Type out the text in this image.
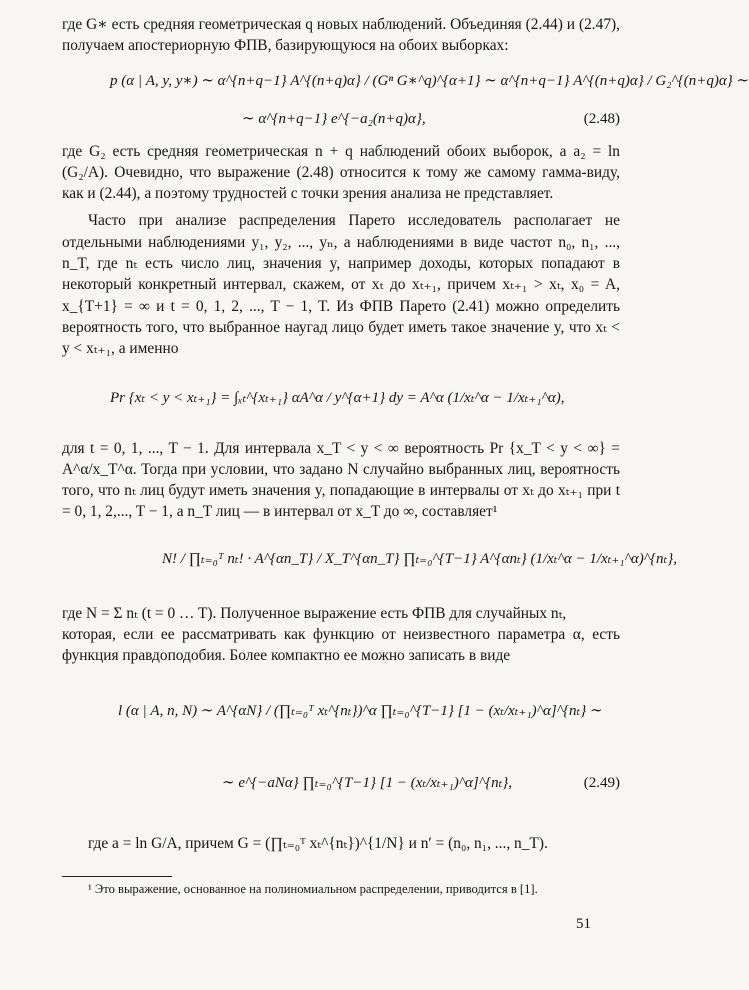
где G∗ есть средняя геометрическая q новых наблюдений. Объединяя (2.44) и (2.47), получаем апостериорную ФПВ, базирующуюся на обоих выборках:

p (α | A, y, y∗) ∼ α^{n+q−1} A^{(n+q)α} / (Gⁿ G∗^q)^{α+1} ∼ α^{n+q−1} A^{(n+q)α} / G₂^{(n+q)α} ∼
∼ α^{n+q−1} e^{−a₂(n+q)α},	(2.48)

где G₂ есть средняя геометрическая n + q наблюдений обоих выборок, а a₂ = ln (G₂/A). Очевидно, что выражение (2.48) относится к тому же самому гамма-виду, как и (2.44), а поэтому трудностей с точки зрения анализа не представляет.

Часто при анализе распределения Парето исследователь располагает не отдельными наблюдениями y₁, y₂, ..., yₙ, а наблюдениями в виде частот n₀, n₁, ..., n_T, где nₜ есть число лиц, значения y, например доходы, которых попадают в некоторый конкретный интервал, скажем, от xₜ до xₜ₊₁, причем xₜ₊₁ > xₜ, x₀ = A, x_{T+1} = ∞ и t = 0, 1, 2, ..., T − 1, T. Из ФПВ Парето (2.41) можно определить вероятность того, что выбранное наугад лицо будет иметь такое значение y, что xₜ < y < xₜ₊₁, а именно

Pr {xₜ < y < xₜ₊₁} = ∫ₓₜ^{xₜ₊₁} αA^α / y^{α+1} dy = A^α (1/xₜ^α − 1/xₜ₊₁^α),

для t = 0, 1, ..., T − 1. Для интервала x_T < y < ∞ вероятность Pr {x_T < y < ∞} = A^α/x_T^α. Тогда при условии, что задано N случайно выбранных лиц, вероятность того, что nₜ лиц будут иметь значения y, попадающие в интервалы от xₜ до xₜ₊₁ при t = 0, 1, 2,..., T − 1, а n_T лиц — в интервал от x_T до ∞, составляет¹

N! / ∏ₜ₌₀ᵀ nₜ! · A^{αn_T} / X_T^{αn_T} ∏ₜ₌₀^{T−1} A^{αnₜ} (1/xₜ^α − 1/xₜ₊₁^α)^{nₜ},

где N = Σ nₜ (t = 0 … T). Полученное выражение есть ФПВ для случайных nₜ,

которая, если ее рассматривать как функцию от неизвестного параметра α, есть функция правдоподобия. Более компактно ее можно записать в виде

l (α | A, n, N) ∼ A^{αN} / (∏ₜ₌₀ᵀ xₜ^{nₜ})^α ∏ₜ₌₀^{T−1} [1 − (xₜ/xₜ₊₁)^α]^{nₜ} ∼
∼ e^{−aNα} ∏ₜ₌₀^{T−1} [1 − (xₜ/xₜ₊₁)^α]^{nₜ},	(2.49)

где a = ln G/A, причем G = (∏ₜ₌₀ᵀ xₜ^{nₜ})^{1/N} и n′ = (n₀, n₁, ..., n_T).

¹ Это выражение, основанное на полиномиальном распределении, приводится в [1].

51
